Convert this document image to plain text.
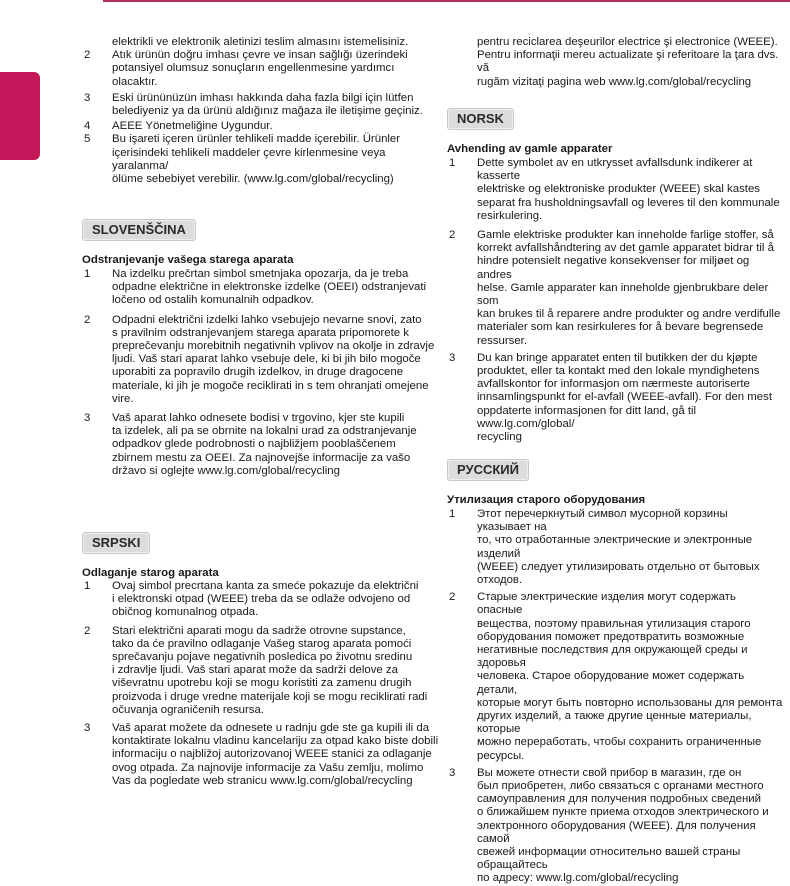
elektrikli ve elektronik aletinizi teslim almasını istemelisiniz.
2	Atık ürünün doğru imhası çevre ve insan sağlığı üzerindeki
potansiyel olumsuz sonuçların engellenmesine yardımcı
olacaktır.
3	Eski ürününüzün imhası hakkında daha fazla bilgi için lütfen
belediyeniz ya da ürünü aldığınız mağaza ile iletişime geçiniz.
4	AEEE Yönetmeliğine Uygundur.
5	Bu işareti içeren ürünler tehlikeli madde içerebilir. Ürünler
içerisindeki tehlikeli maddeler çevre kirlenmesine veya yaralanma/
ölüme sebebiyet verebilir. (www.lg.com/global/recycling)
SLOVENŠČINA
Odstranjevanje vašega starega aparata
1	Na izdelku prečrtan simbol smetnjaka opozarja, da je treba
odpadne električne in elektronske izdelke (OEEI) odstranjevati
ločeno od ostalih komunalnih odpadkov.
2	Odpadni električni izdelki lahko vsebujejo nevarne snovi, zato
s pravilnim odstranjevanjem starega aparata pripomorete k
preprečevanju morebitnih negativnih vplivov na okolje in zdravje
ljudi. Vaš stari aparat lahko vsebuje dele, ki bi jih bilo mogoče
uporabiti za popravilo drugih izdelkov, in druge dragocene
materiale, ki jih je mogoče reciklirati in s tem ohranjati omejene
vire.
3	Vaš aparat lahko odnesete bodisi v trgovino, kjer ste kupili
ta izdelek, ali pa se obrnite na lokalni urad za odstranjevanje
odpadkov glede podrobnosti o najbližjem pooblaščenem
zbirnem mestu za OEEI. Za najnovejše informacije za vašo
državo si oglejte www.lg.com/global/recycling
SRPSKI
Odlaganje starog aparata
1	Ovaj simbol precrtana kanta za smeće pokazuje da električni
i elektronski otpad (WEEE) treba da se odlaže odvojeno od
običnog komunalnog otpada.
2	Stari električni aparati mogu da sadrže otrovne supstance,
tako da će pravilno odlaganje Vašeg starog aparata pomoći
sprečavanju pojave negativnih posledica po životnu sredinu
i zdravlje ljudi. Vaš stari aparat može da sadrži delove za
viševratnu upotrebu koji se mogu koristiti za zamenu drugih
proizvoda i druge vredne materijale koji se mogu reciklirati radi
očuvanja ograničenih resursa.
3	Vaš aparat možete da odnesete u radnju gde ste ga kupili ili da
kontaktirate lokalnu vladinu kancelariju za otpad kako biste dobili
informaciju o najbližoj autorizovanoj WEEE stanici za odlaganje
ovog otpada. Za najnovije informacije za Vašu zemlju, molimo
Vas da pogledate web stranicu www.lg.com/global/recycling
pentru reciclarea deşeurilor electrice şi electronice (WEEE).
Pentru informaţii mereu actualizate şi referitoare la ţara dvs. vă
rugăm vizitaţi pagina web www.lg.com/global/recycling
NORSK
Avhending av gamle apparater
1	Dette symbolet av en utkrysset avfallsdunk indikerer at kasserte
elektriske og elektroniske produkter (WEEE) skal kastes
separat fra husholdningsavfall og leveres til den kommunale
resirkulering.
2	Gamle elektriske produkter kan inneholde farlige stoffer, så
korrekt avfallshåndtering av det gamle apparatet bidrar til å
hindre potensielt negative konsekvenser for miljøet og andres
helse. Gamle apparater kan inneholde gjenbrukbare deler som
kan brukes til å reparere andre produkter og andre verdifulle
materialer som kan resirkuleres for å bevare begrensede
ressurser.
3	Du kan bringe apparatet enten til butikken der du kjøpte
produktet, eller ta kontakt med den lokale myndighetens
avfallskontor for informasjon om nærmeste autoriserte
innsamlingspunkt for el-avfall (WEEE-avfall). For den mest
oppdaterte informasjonen for ditt land, gå til www.lg.com/global/
recycling
РУССКИЙ
Утилизация старого оборудования
1	Этот перечеркнутый символ мусорной корзины указывает на
то, что отработанные электрические и электронные изделий
(WEEE) следует утилизировать отдельно от бытовых
отходов.
2	Старые электрические изделия могут содержать опасные
вещества, поэтому правильная утилизация старого
оборудования поможет предотвратить возможные
негативные последствия для окружающей среды и здоровья
человека. Старое оборудование может содержать детали,
которые могут быть повторно использованы для ремонта
других изделий, а также другие ценные материалы, которые
можно переработать, чтобы сохранить ограниченные
ресурсы.
3	Вы можете отнести свой прибор в магазин, где он
был приобретен, либо связаться с органами местного
самоуправления для получения подробных сведений
о ближайшем пункте приема отходов электрического и
электронного оборудования (WEEE). Для получения самой
свежей информации относительно вашей страны обращайтесь
по адресу: www.lg.com/global/recycling
